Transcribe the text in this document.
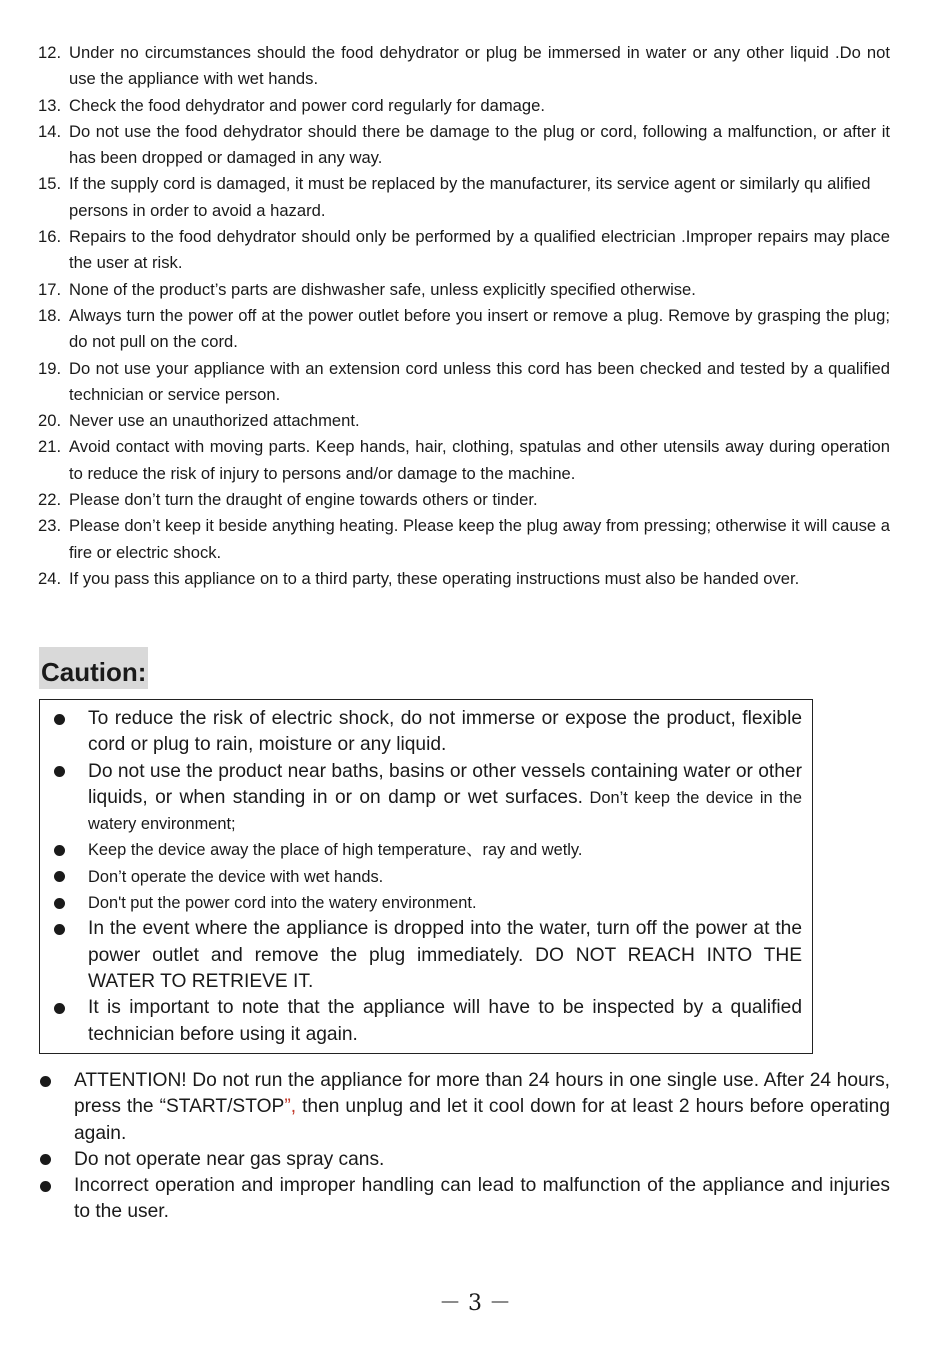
12. Under no circumstances should the food dehydrator or plug be immersed in water or any other liquid .Do not use the appliance with wet hands.
13. Check the food dehydrator and power cord regularly for damage.
14. Do not use the food dehydrator should there be damage to the plug or cord, following a malfunction, or after it has been dropped or damaged in any way.
15. If the supply cord is damaged, it must be replaced by the manufacturer, its service agent or similarly qu alified persons in order to avoid a hazard.
16. Repairs to the food dehydrator should only be performed by a qualified electrician .Improper repairs may place the user at risk.
17. None of the product’s parts are dishwasher safe, unless explicitly specified otherwise.
18. Always turn the power off at the power outlet before you insert or remove a plug. Remove by grasping the plug; do not pull on the cord.
19. Do not use your appliance with an extension cord unless this cord has been checked and tested by a qualified technician or service person.
20. Never use an unauthorized attachment.
21. Avoid contact with moving parts. Keep hands, hair, clothing, spatulas and other utensils away during operation to reduce the risk of injury to persons and/or damage to the machine.
22. Please don’t turn the draught of engine towards others or tinder.
23. Please don’t keep it beside anything heating. Please keep the plug away from pressing; otherwise it will cause a fire or electric shock.
24. If you pass this appliance on to a third party, these operating instructions must also be handed over.
Caution:
To reduce the risk of electric shock, do not immerse or expose the product, flexible cord or plug to rain, moisture or any liquid.
Do not use the product near baths, basins or other vessels containing water or other liquids, or when standing in or on damp or wet surfaces. Don’t keep the device in the watery environment;
Keep the device away the place of high temperature、ray and wetly.
Don’t operate the device with wet hands.
Don't put the power cord into the watery environment.
In the event where the appliance is dropped into the water, turn off the power at the power outlet and remove the plug immediately. DO NOT REACH INTO THE WATER TO RETRIEVE IT.
It is important to note that the appliance will have to be inspected by a qualified technician before using it again.
ATTENTION! Do not run the appliance for more than 24 hours in one single use. After 24 hours, press the “START/STOP”, then unplug and let it cool down for at least 2 hours before operating again.
Do not operate near gas spray cans.
Incorrect operation and improper handling can lead to malfunction of the appliance and injuries to the user.
－ 3 －
